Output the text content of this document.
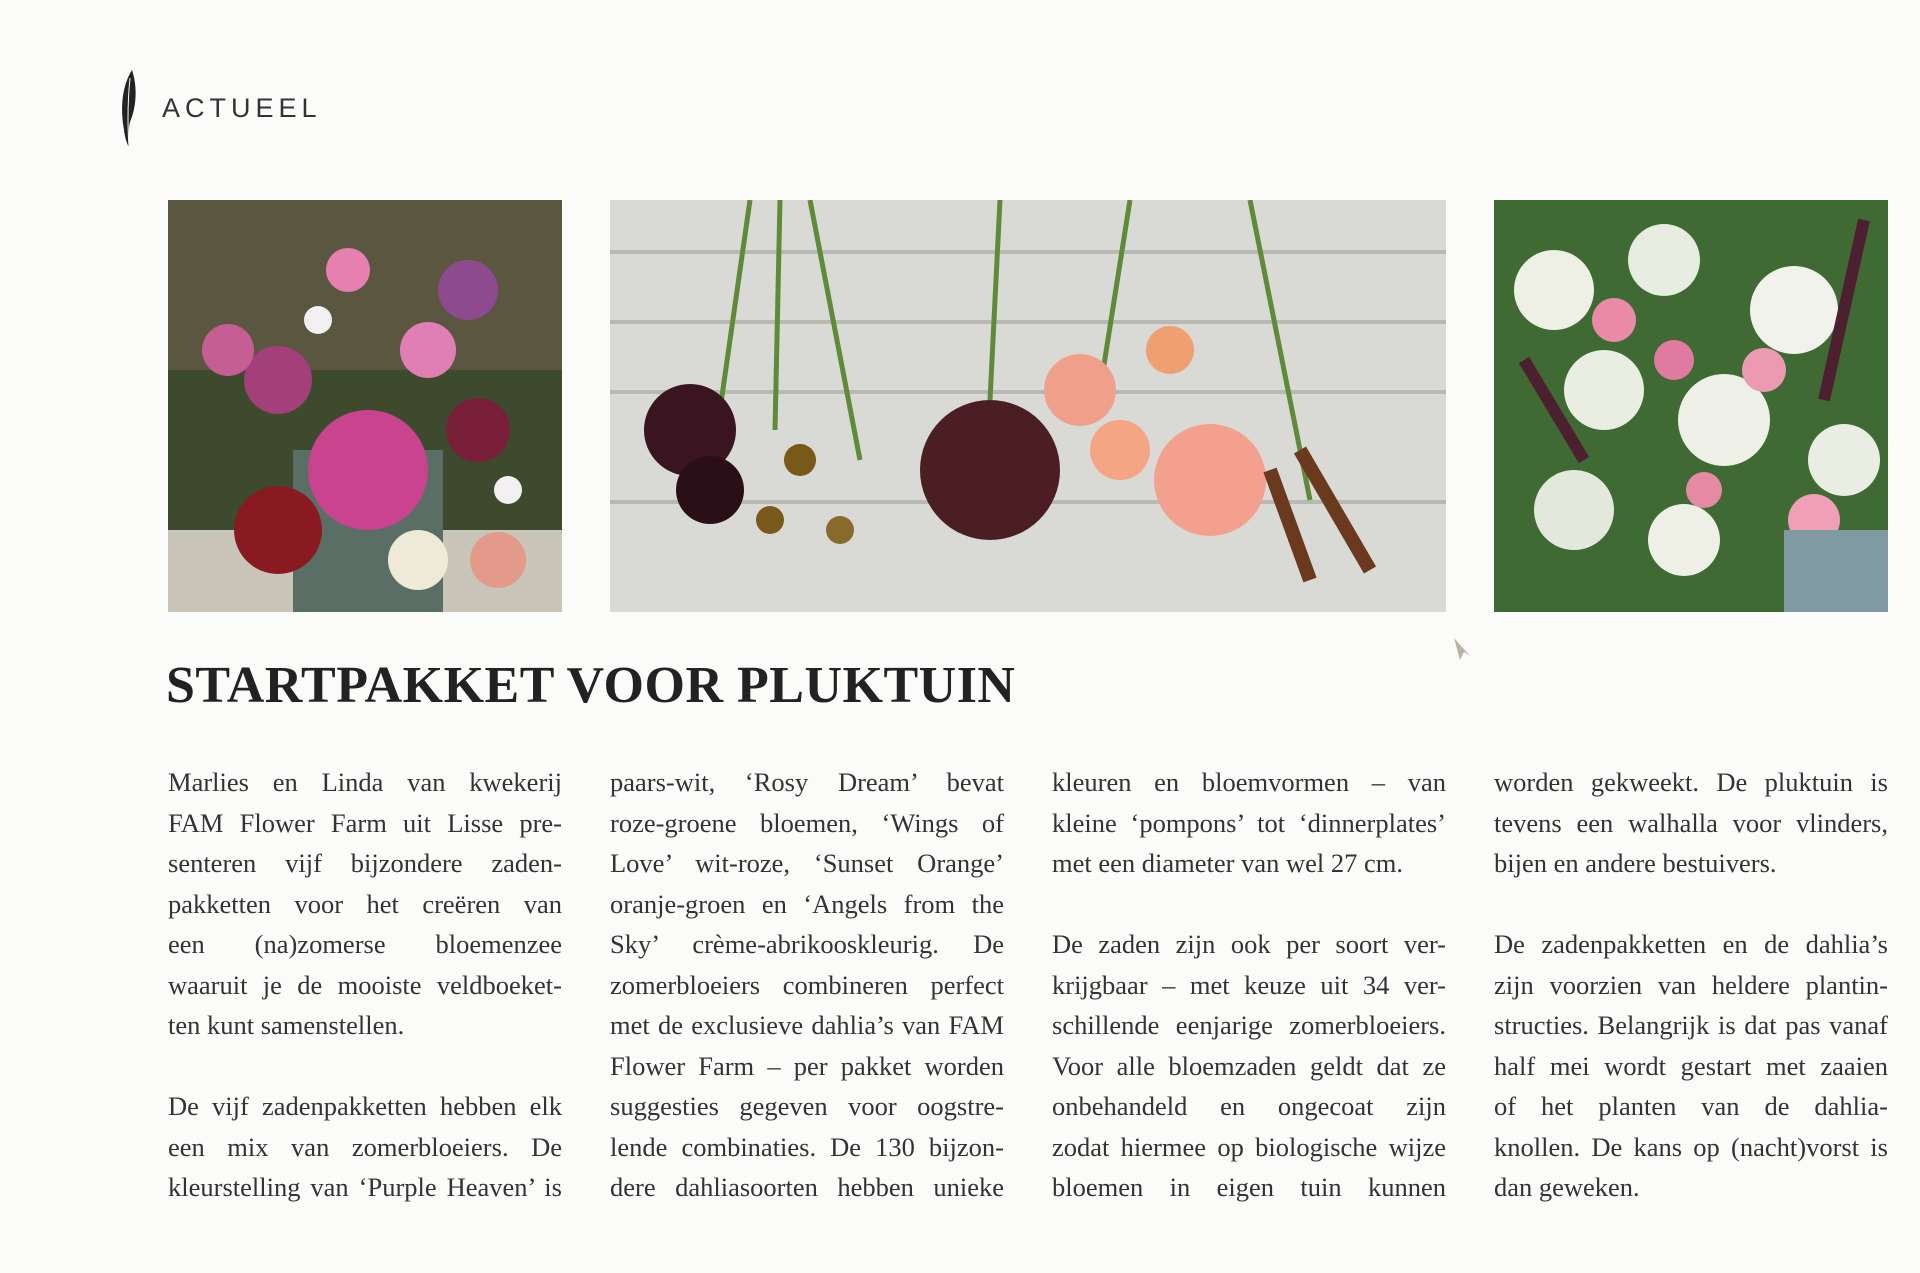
ACTUEEL
STARTPAKKET VOOR PLUKTUIN

Marlies en Linda van kwekerij
FAM Flower Farm uit Lisse pre-
senteren vijf bijzondere zaden-
pakketten voor het creëren van
een (na)zomerse bloemenzee
waaruit je de mooiste veldboeket-
ten kunt samenstellen.

De vijf zadenpakketten hebben elk
een mix van zomerbloeiers. De
kleurstelling van ‘Purple Heaven’ is

paars-wit, ‘Rosy Dream’ bevat
roze-groene bloemen, ‘Wings of
Love’ wit-roze, ‘Sunset Orange’
oranje-groen en ‘Angels from the
Sky’ crème-abrikooskleurig. De
zomerbloeiers combineren perfect
met de exclusieve dahlia’s van FAM
Flower Farm – per pakket worden
suggesties gegeven voor oogstre-
lende combinaties. De 130 bijzon-
dere dahliasoorten hebben unieke

kleuren en bloemvormen – van
kleine ‘pompons’ tot ‘dinnerplates’
met een diameter van wel 27 cm.

De zaden zijn ook per soort ver-
krijgbaar – met keuze uit 34 ver-
schillende eenjarige zomerbloeiers.
Voor alle bloemzaden geldt dat ze
onbehandeld en ongecoat zijn
zodat hiermee op biologische wijze
bloemen in eigen tuin kunnen

worden gekweekt. De pluktuin is
tevens een walhalla voor vlinders,
bijen en andere bestuivers.

De zadenpakketten en de dahlia’s
zijn voorzien van heldere plantin-
structies. Belangrijk is dat pas vanaf
half mei wordt gestart met zaaien
of het planten van de dahlia-
knollen. De kans op (nacht)vorst is
dan geweken.
